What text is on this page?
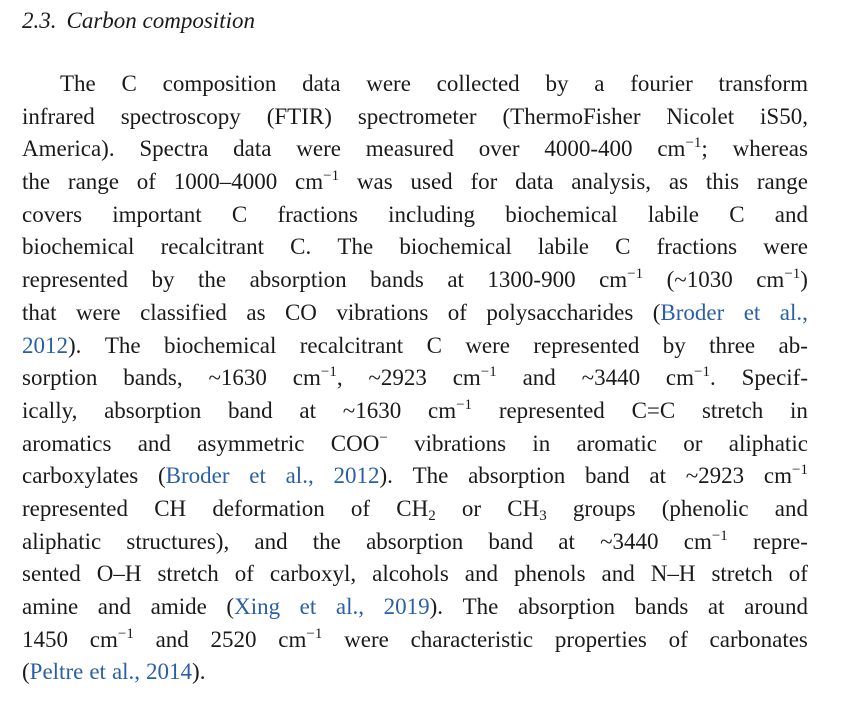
2.3. Carbon composition
The C composition data were collected by a fourier transform
infrared spectroscopy (FTIR) spectrometer (ThermoFisher Nicolet iS50,
America). Spectra data were measured over 4000-400 $cm^{-1}$; whereas
the range of 1000–4000 $cm^{-1}$ was used for data analysis, as this range
covers important C fractions including biochemical labile C and
biochemical recalcitrant C. The biochemical labile C fractions were
represented by the absorption bands at 1300-900 $cm^{-1}$ (~1030 $cm^{-1}$)
that were classified as CO vibrations of polysaccharides (Broder et al.,
2012). The biochemical recalcitrant C were represented by three ab-
sorption bands, ~1630 $cm^{-1}$, ~2923 $cm^{-1}$ and ~3440 $cm^{-1}$. Specif-
ically, absorption band at ~1630 $cm^{-1}$ represented C=C stretch in
aromatics and asymmetric COO− vibrations in aromatic or aliphatic
carboxylates (Broder et al., 2012). The absorption band at ~2923 $cm^{-1}$
represented CH deformation of $CH_2$ or $CH_3$ groups (phenolic and
aliphatic structures), and the absorption band at ~3440 $cm^{-1}$ repre-
sented O–H stretch of carboxyl, alcohols and phenols and N–H stretch of
amine and amide (Xing et al., 2019). The absorption bands at around
1450 $cm^{-1}$ and 2520 $cm^{-1}$ were characteristic properties of carbonates
(Peltre et al., 2014).
